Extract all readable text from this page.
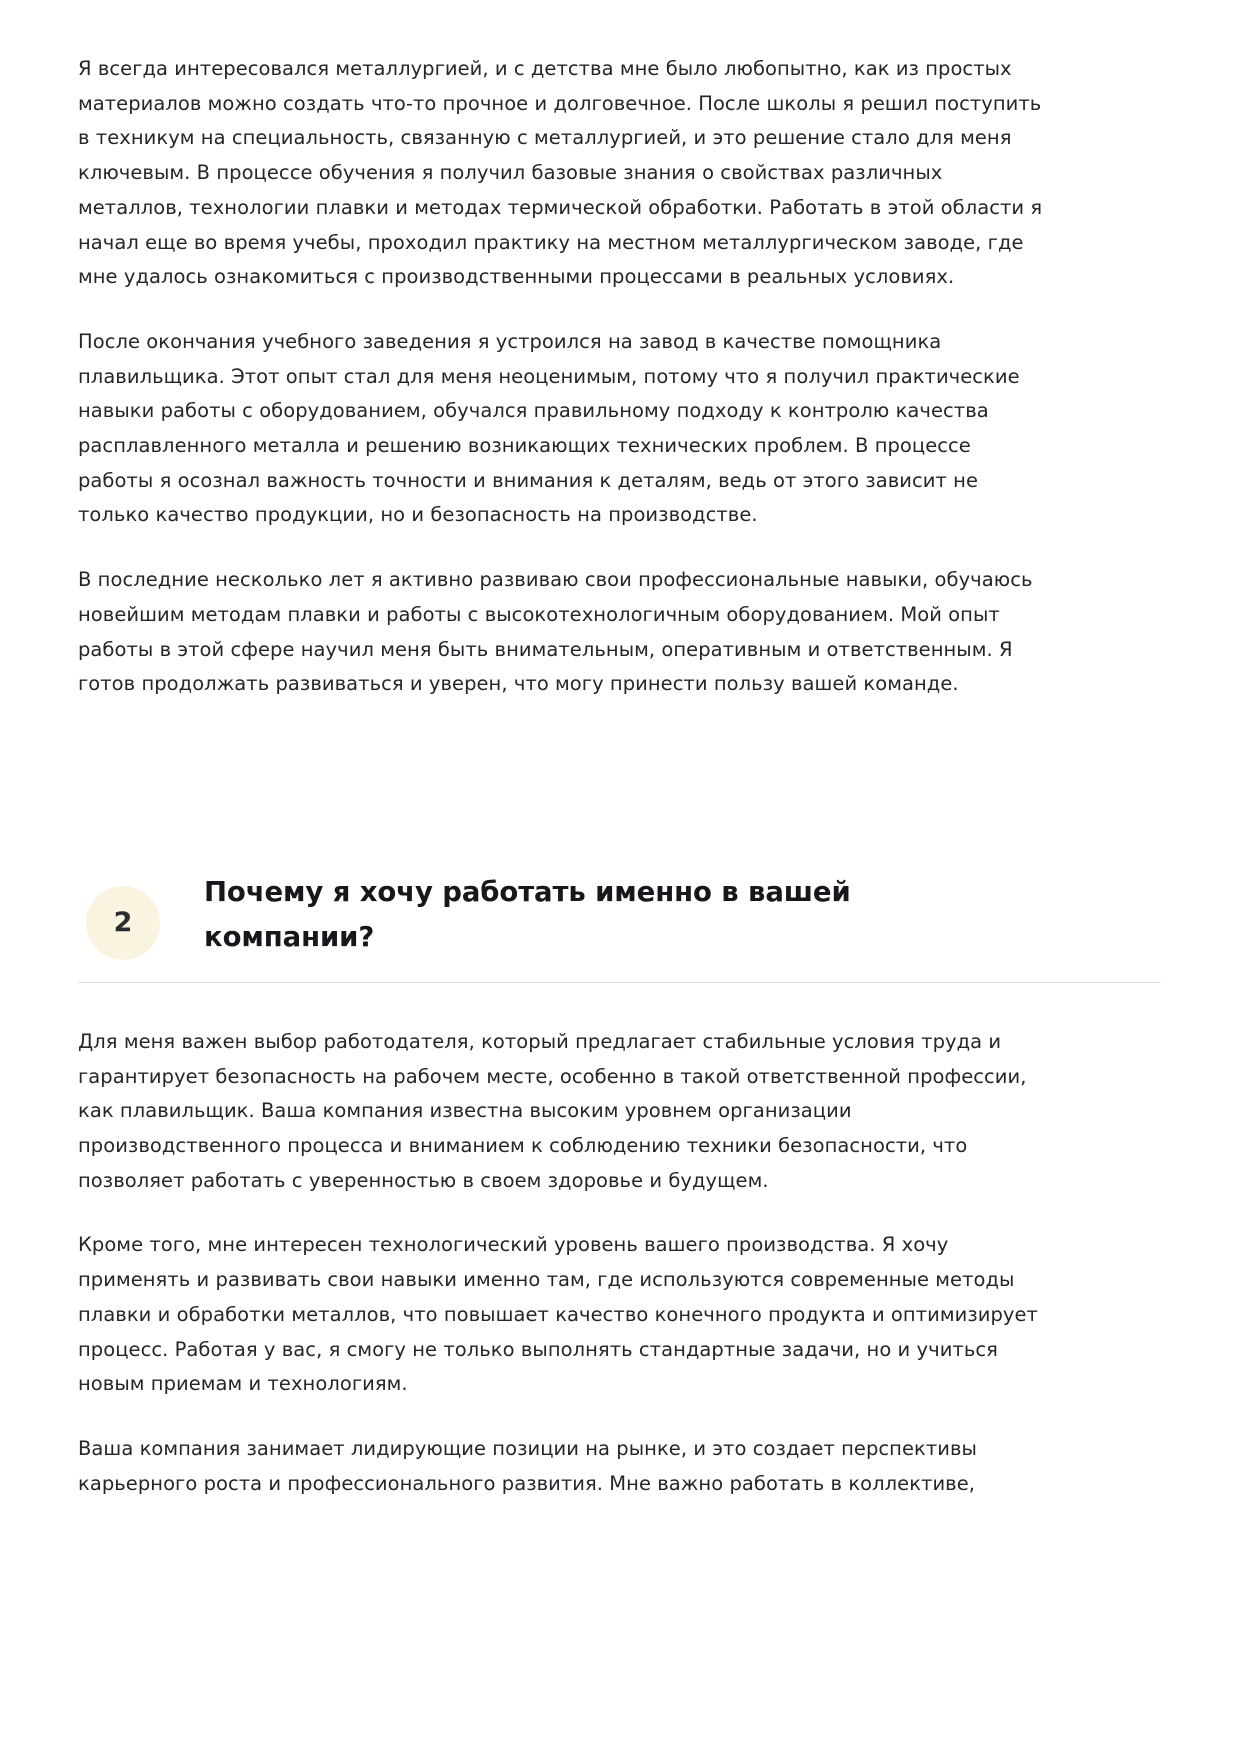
Я всегда интересовался металлургией, и с детства мне было любопытно, как из простых материалов можно создать что-то прочное и долговечное. После школы я решил поступить в техникум на специальность, связанную с металлургией, и это решение стало для меня ключевым. В процессе обучения я получил базовые знания о свойствах различных металлов, технологии плавки и методах термической обработки. Работать в этой области я начал еще во время учебы, проходил практику на местном металлургическом заводе, где мне удалось ознакомиться с производственными процессами в реальных условиях.

После окончания учебного заведения я устроился на завод в качестве помощника плавильщика. Этот опыт стал для меня неоценимым, потому что я получил практические навыки работы с оборудованием, обучался правильному подходу к контролю качества расплавленного металла и решению возникающих технических проблем. В процессе работы я осознал важность точности и внимания к деталям, ведь от этого зависит не только качество продукции, но и безопасность на производстве.

В последние несколько лет я активно развиваю свои профессиональные навыки, обучаюсь новейшим методам плавки и работы с высокотехнологичным оборудованием. Мой опыт работы в этой сфере научил меня быть внимательным, оперативным и ответственным. Я готов продолжать развиваться и уверен, что могу принести пользу вашей команде.

2
Почему я хочу работать именно в вашей компании?

Для меня важен выбор работодателя, который предлагает стабильные условия труда и гарантирует безопасность на рабочем месте, особенно в такой ответственной профессии, как плавильщик. Ваша компания известна высоким уровнем организации производственного процесса и вниманием к соблюдению техники безопасности, что позволяет работать с уверенностью в своем здоровье и будущем.

Кроме того, мне интересен технологический уровень вашего производства. Я хочу применять и развивать свои навыки именно там, где используются современные методы плавки и обработки металлов, что повышает качество конечного продукта и оптимизирует процесс. Работая у вас, я смогу не только выполнять стандартные задачи, но и учиться новым приемам и технологиям.

Ваша компания занимает лидирующие позиции на рынке, и это создает перспективы карьерного роста и профессионального развития. Мне важно работать в коллективе,
